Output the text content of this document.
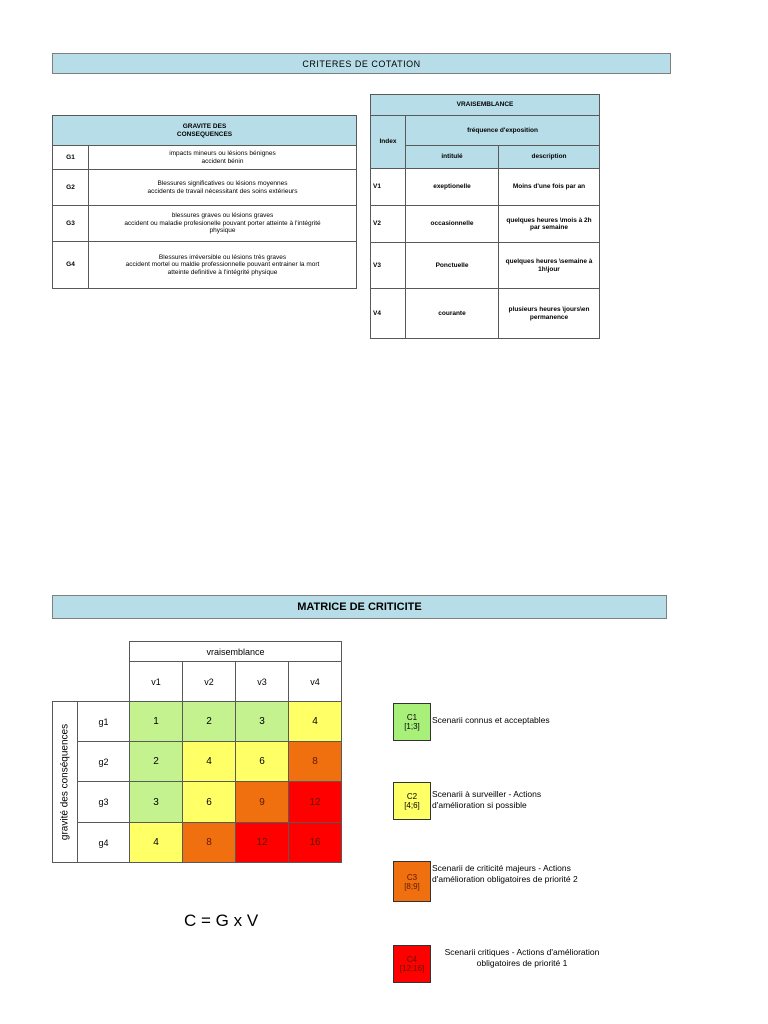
CRITERES DE COTATION
GRAVITE DES
CONSEQUENCES	

G1	impacts mineurs ou lésions bénignes
accident bénin

G2	Blessures significatives ou lésions moyennes
accidents de travail nécessitant des soins extérieurs

G3	blessures graves ou lésions graves
accident ou maladie profesionelle pouvant porter atteinte à l'intégrité
physique

G4	Blessures irréversible ou lésions très graves
accident mortel ou maldie professionnelle pouvant entrainer la mort
atteinte definitive à l'intégrité physique
VRAISEMBLANCE		
Index	fréquence d'exposition	
	intitulé	description
V1	exeptionelle	Moins d'une fois par an
V2	occasionnelle	quelques heures \mois à 2h par semaine
V3	Ponctuelle	quelques heures \semaine à 1h\jour
V4	courante	plusieurs heures \jours\en permanence
MATRICE DE CRITICITE
		vraisemblance			
		v1	v2	v3	v4

gravité des conséquences	g1	1	2	3	4
	g2	2	4	6	8
	g3	3	6	9	12
	g4	4	8	12	16
C = G x V
C1
[1;3]
Scenarii connus et acceptables
C2
[4;6]
Scenarii à surveiller - Actions d'amélioration si possible
C3
[8;9]
Scenarii de criticité majeurs - Actions d'amélioration obligatoires de priorité 2
C4
[12;16]
Scenarii critiques - Actions d'amélioration obligatoires de priorité 1
